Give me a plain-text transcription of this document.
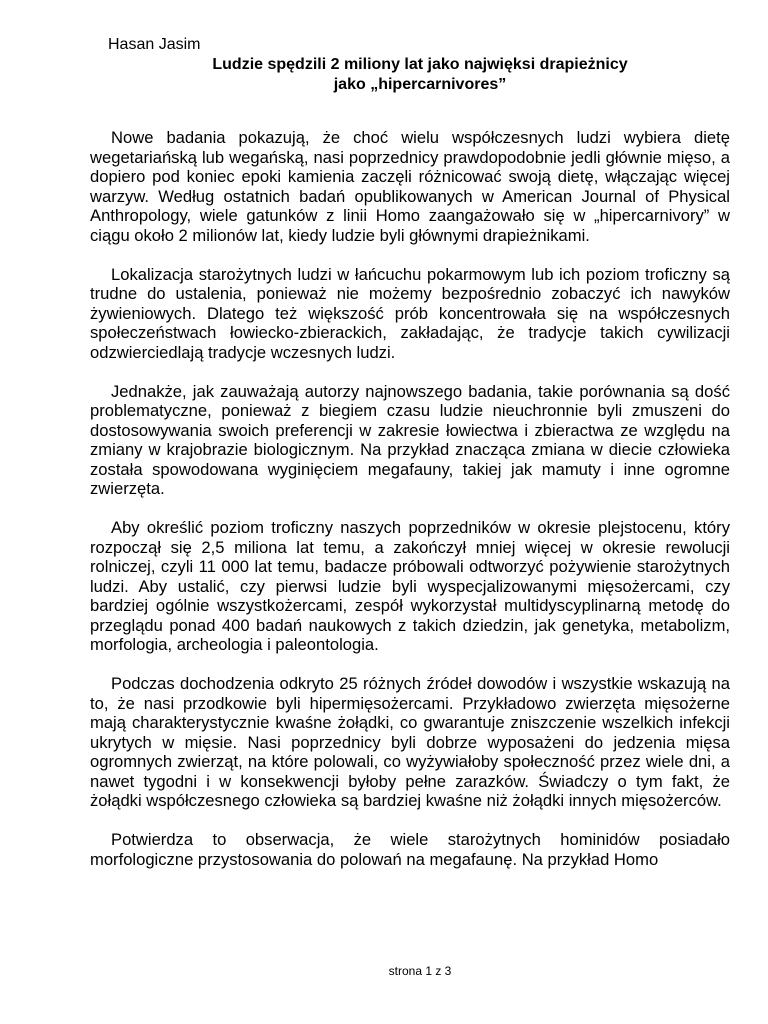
Hasan Jasim
Ludzie spędzili 2 miliony lat jako najwięksi drapieżnicy
jako „hipercarnivores”

Nowe badania pokazują, że choć wielu współczesnych ludzi wybiera dietę wegetariańską lub wegańską, nasi poprzednicy prawdopodobnie jedli głównie mięso, a dopiero pod koniec epoki kamienia zaczęli różnicować swoją dietę, włączając więcej warzyw. Według ostatnich badań opublikowanych w American Journal of Physical Anthropology, wiele gatunków z linii Homo zaangażowało się w „hipercarnivory” w ciągu około 2 milionów lat, kiedy ludzie byli głównymi drapieżnikami.

Lokalizacja starożytnych ludzi w łańcuchu pokarmowym lub ich poziom troficzny są trudne do ustalenia, ponieważ nie możemy bezpośrednio zobaczyć ich nawyków żywieniowych. Dlatego też większość prób koncentrowała się na współczesnych społeczeństwach łowiecko-zbierackich, zakładając, że tradycje takich cywilizacji odzwierciedlają tradycje wczesnych ludzi.

Jednakże, jak zauważają autorzy najnowszego badania, takie porównania są dość problematyczne, ponieważ z biegiem czasu ludzie nieuchronnie byli zmuszeni do dostosowywania swoich preferencji w zakresie łowiectwa i zbieractwa ze względu na zmiany w krajobrazie biologicznym. Na przykład znacząca zmiana w diecie człowieka została spowodowana wyginięciem megafauny, takiej jak mamuty i inne ogromne zwierzęta.

Aby określić poziom troficzny naszych poprzedników w okresie plejstocenu, który rozpoczął się 2,5 miliona lat temu, a zakończył mniej więcej w okresie rewolucji rolniczej, czyli 11 000 lat temu, badacze próbowali odtworzyć pożywienie starożytnych ludzi. Aby ustalić, czy pierwsi ludzie byli wyspecjalizowanymi mięsożercami, czy bardziej ogólnie wszystkożercami, zespół wykorzystał multidyscyplinarną metodę do przeglądu ponad 400 badań naukowych z takich dziedzin, jak genetyka, metabolizm, morfologia, archeologia i paleontologia.

Podczas dochodzenia odkryto 25 różnych źródeł dowodów i wszystkie wskazują na to, że nasi przodkowie byli hipermięsożercami. Przykładowo zwierzęta mięsożerne mają charakterystycznie kwaśne żołądki, co gwarantuje zniszczenie wszelkich infekcji ukrytych w mięsie. Nasi poprzednicy byli dobrze wyposażeni do jedzenia mięsa ogromnych zwierząt, na które polowali, co wyżywiałoby społeczność przez wiele dni, a nawet tygodni i w konsekwencji byłoby pełne zarazków. Świadczy o tym fakt, że żołądki współczesnego człowieka są bardziej kwaśne niż żołądki innych mięsożerców.

Potwierdza to obserwacja, że wiele starożytnych hominidów posiadało morfologiczne przystosowania do polowań na megafaunę. Na przykład Homo

strona 1 z 3
